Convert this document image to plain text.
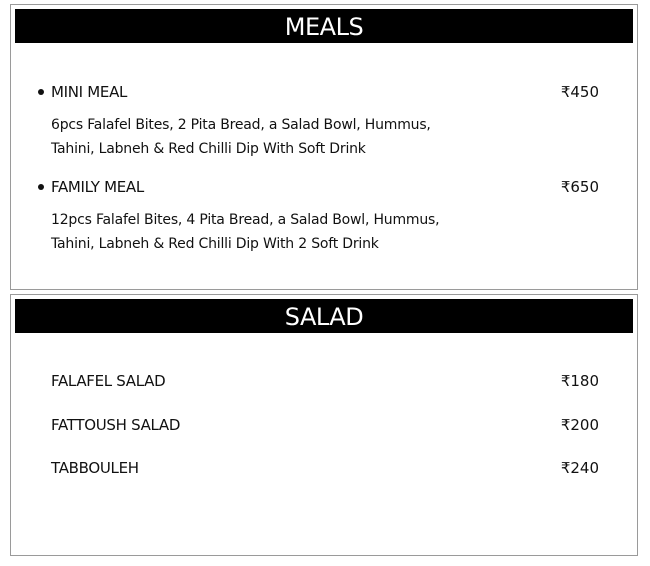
MEALS
MINI MEAL	₹450
6pcs Falafel Bites, 2 Pita Bread, a Salad Bowl, Hummus,
Tahini, Labneh & Red Chilli Dip With Soft Drink
FAMILY MEAL	₹650
12pcs Falafel Bites, 4 Pita Bread, a Salad Bowl, Hummus,
Tahini, Labneh & Red Chilli Dip With 2 Soft Drink
SALAD
FALAFEL SALAD	₹180
FATTOUSH SALAD	₹200
TABBOULEH	₹240
